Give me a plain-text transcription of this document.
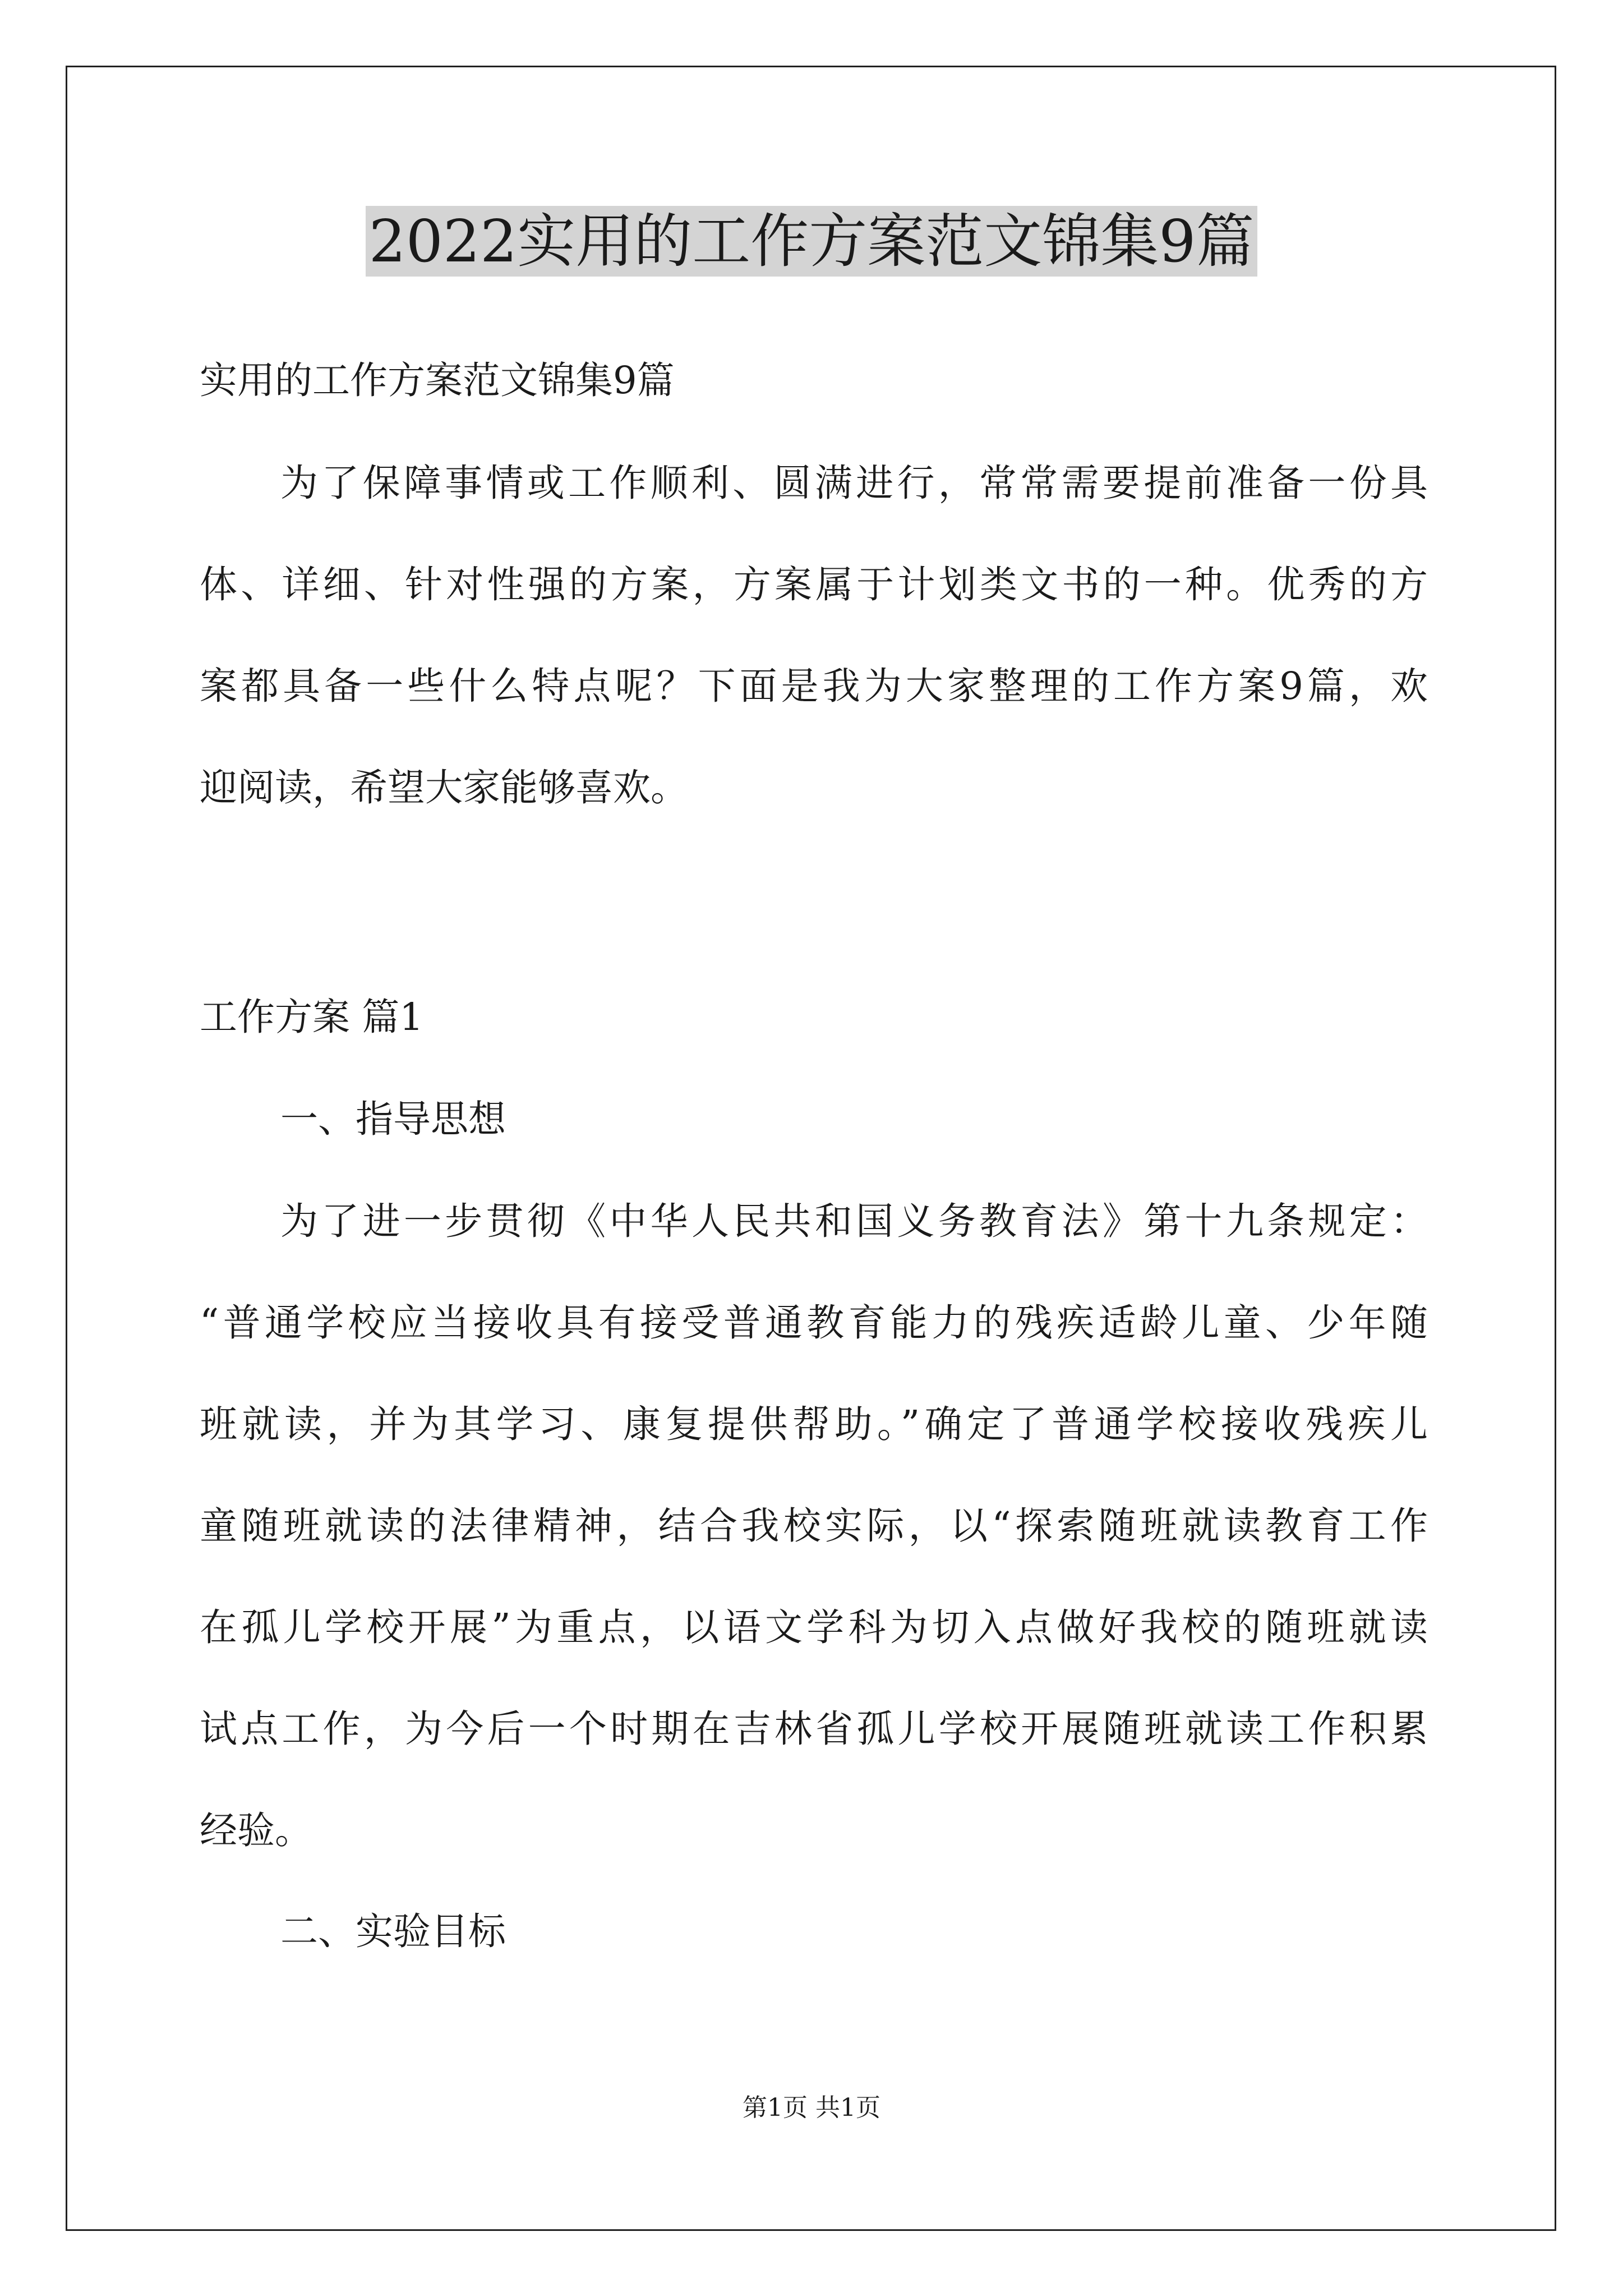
2022实用的工作方案范文锦集9篇

实用的工作方案范文锦集9篇

为了保障事情或工作顺利、圆满进行，常常需要提前准备一份具
体、详细、针对性强的方案，方案属于计划类文书的一种。优秀的方
案都具备一些什么特点呢？下面是我为大家整理的工作方案9篇，欢
迎阅读，希望大家能够喜欢。

工作方案 篇1

一、指导思想

为了进一步贯彻《中华人民共和国义务教育法》第十九条规定：
“普通学校应当接收具有接受普通教育能力的残疾适龄儿童、少年随
班就读，并为其学习、康复提供帮助。”确定了普通学校接收残疾儿
童随班就读的法律精神，结合我校实际，以“探索随班就读教育工作
在孤儿学校开展”为重点，以语文学科为切入点做好我校的随班就读
试点工作，为今后一个时期在吉林省孤儿学校开展随班就读工作积累
经验。

二、实验目标

第1页 共1页
